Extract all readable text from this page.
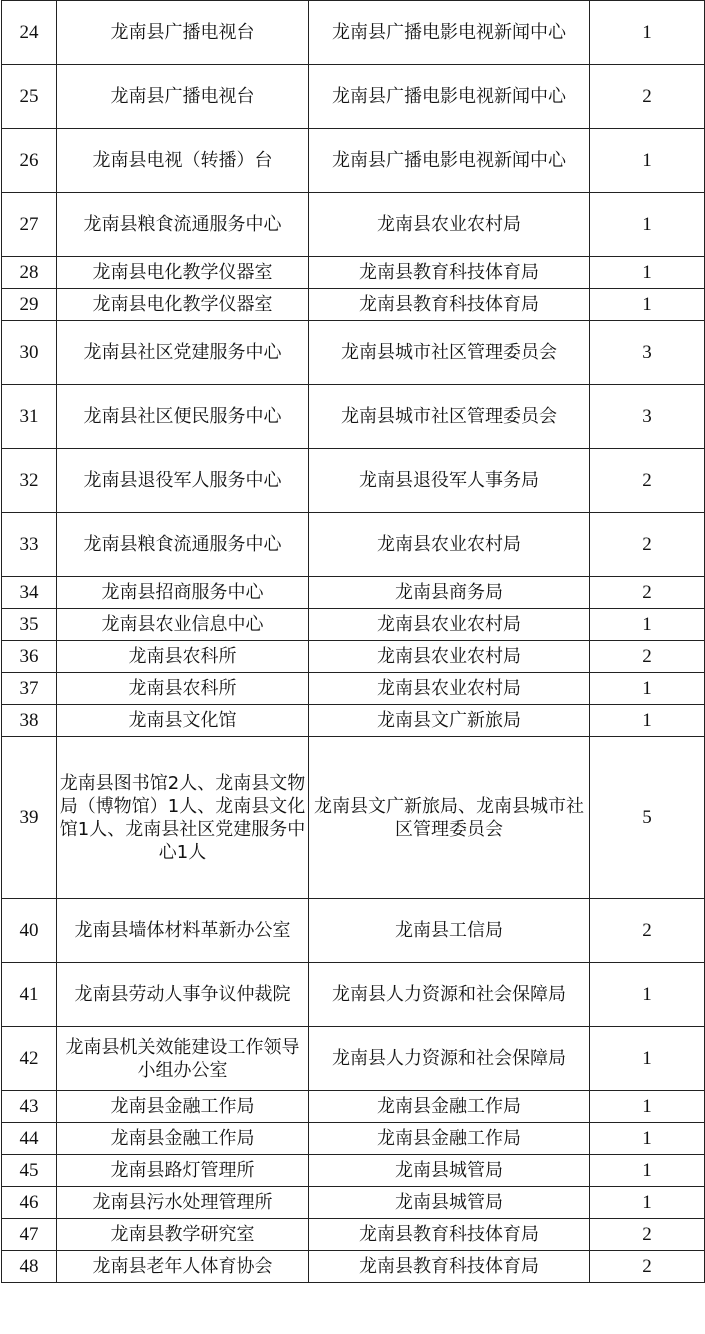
24	龙南县广播电视台	龙南县广播电影电视新闻中心	1
25	龙南县广播电视台	龙南县广播电影电视新闻中心	2
26	龙南县电视（转播）台	龙南县广播电影电视新闻中心	1
27	龙南县粮食流通服务中心	龙南县农业农村局	1
28	龙南县电化教学仪器室	龙南县教育科技体育局	1
29	龙南县电化教学仪器室	龙南县教育科技体育局	1
30	龙南县社区党建服务中心	龙南县城市社区管理委员会	3
31	龙南县社区便民服务中心	龙南县城市社区管理委员会	3
32	龙南县退役军人服务中心	龙南县退役军人事务局	2
33	龙南县粮食流通服务中心	龙南县农业农村局	2
34	龙南县招商服务中心	龙南县商务局	2
35	龙南县农业信息中心	龙南县农业农村局	1
36	龙南县农科所	龙南县农业农村局	2
37	龙南县农科所	龙南县农业农村局	1
38	龙南县文化馆	龙南县文广新旅局	1
39	龙南县图书馆2人、龙南县文物局（博物馆）1人、龙南县文化馆1人、龙南县社区党建服务中心1人	龙南县文广新旅局、龙南县城市社区管理委员会	5
40	龙南县墙体材料革新办公室	龙南县工信局	2
41	龙南县劳动人事争议仲裁院	龙南县人力资源和社会保障局	1
42	龙南县机关效能建设工作领导小组办公室	龙南县人力资源和社会保障局	1
43	龙南县金融工作局	龙南县金融工作局	1
44	龙南县金融工作局	龙南县金融工作局	1
45	龙南县路灯管理所	龙南县城管局	1
46	龙南县污水处理管理所	龙南县城管局	1
47	龙南县教学研究室	龙南县教育科技体育局	2
48	龙南县老年人体育协会	龙南县教育科技体育局	2
